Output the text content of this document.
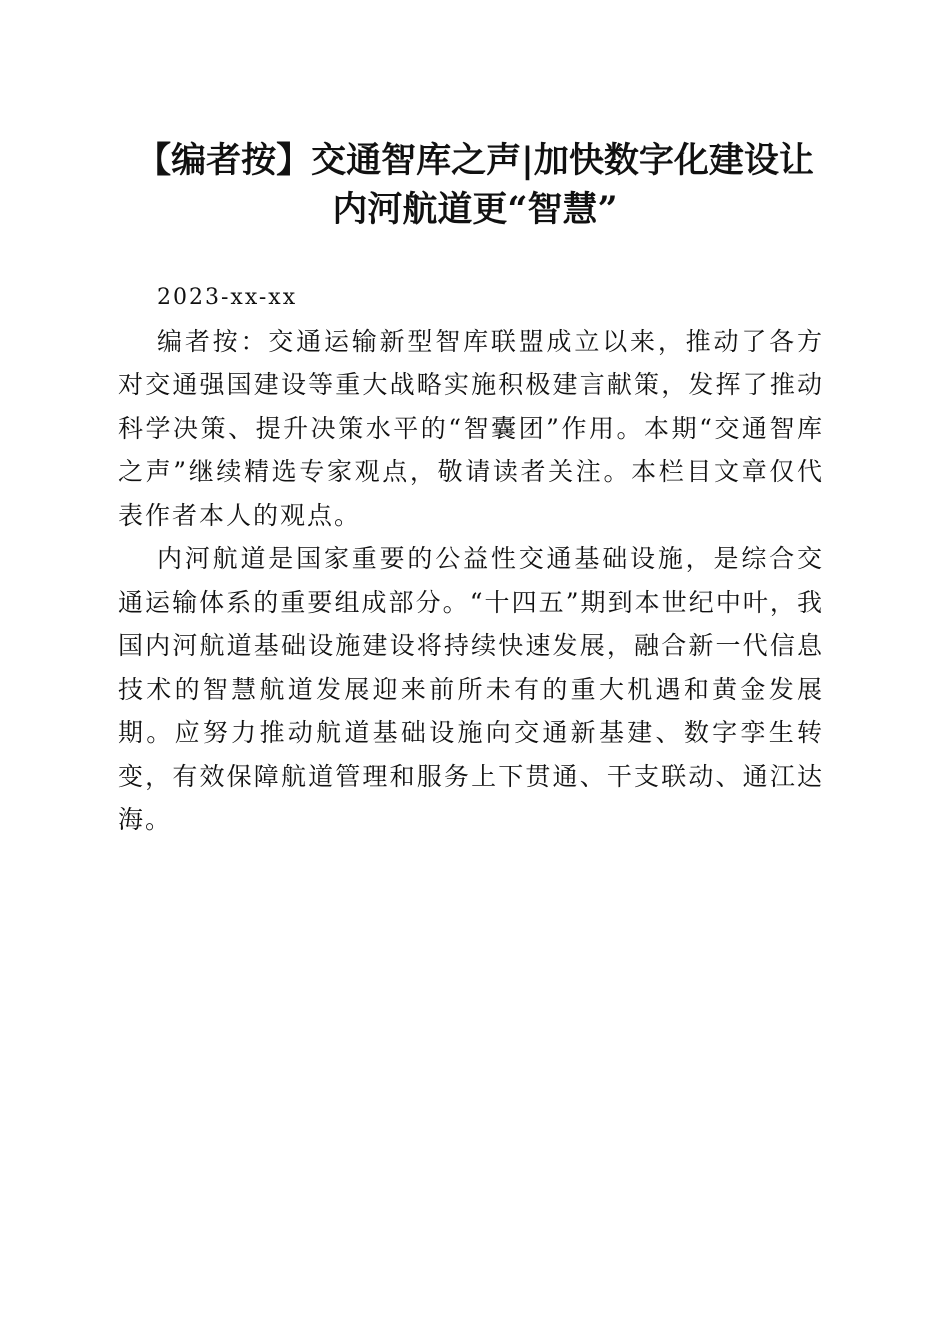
【编者按】交通智库之声|加快数字化建设让
内河航道更“智慧”

2023-xx-xx

编者按：交通运输新型智库联盟成立以来，推动了各方对交通强国建设等重大战略实施积极建言献策，发挥了推动科学决策、提升决策水平的“智囊团”作用。本期“交通智库之声”继续精选专家观点，敬请读者关注。本栏目文章仅代表作者本人的观点。

内河航道是国家重要的公益性交通基础设施，是综合交通运输体系的重要组成部分。“十四五”期到本世纪中叶，我国内河航道基础设施建设将持续快速发展，融合新一代信息技术的智慧航道发展迎来前所未有的重大机遇和黄金发展期。应努力推动航道基础设施向交通新基建、数字孪生转变，有效保障航道管理和服务上下贯通、干支联动、通江达海。
